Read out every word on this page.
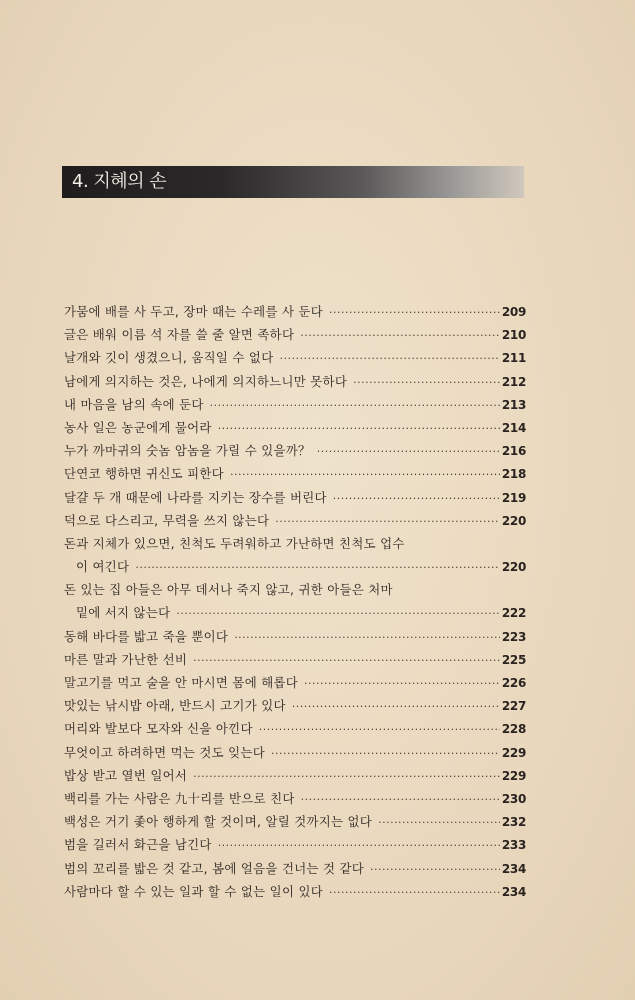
4. 지혜의 손
가뭄에 배를 사 두고, 장마 때는 수레를 사 둔다 ·····	209
글은 배워 이름 석 자를 쓸 줄 알면 족하다 ·····	210
날개와 깃이 생겼으니, 움직일 수 없다 ·····	211
남에게 의지하는 것은, 나에게 의지하느니만 못하다 ·····	212
내 마음을 남의 속에 둔다 ·····	213
농사 일은 농군에게 물어라 ·····	214
누가 까마귀의 숫놈 암놈을 가릴 수 있을까？ ·····	216
단연코 행하면 귀신도 피한다 ·····	218
달걀 두 개 때문에 나라를 지키는 장수를 버린다 ·····	219
덕으로 다스리고, 무력을 쓰지 않는다 ·····	220
돈과 지체가 있으면, 친척도 두려워하고 가난하면 친척도 업수
이 여긴다 ·····	220
돈 있는 집 아들은 아무 데서나 죽지 않고, 귀한 아들은 처마
밑에 서지 않는다 ·····	222
동해 바다를 밟고 죽을 뿐이다 ·····	223
마른 말과 가난한 선비 ·····	225
말고기를 먹고 술을 안 마시면 몸에 해롭다 ·····	226
맛있는 낚시밥 아래, 반드시 고기가 있다 ·····	227
머리와 발보다 모자와 신을 아낀다 ·····	228
무엇이고 하려하면 먹는 것도 잊는다 ·····	229
밥상 받고 열번 일어서 ·····	229
백리를 가는 사람은 九十리를 반으로 친다 ·····	230
백성은 거기 좇아 행하게 할 것이며, 알릴 것까지는 없다 ·····	232
범을 길러서 화근을 남긴다 ·····	233
범의 꼬리를 밟은 것 같고, 봄에 얼음을 건너는 것 같다 ·····	234
사람마다 할 수 있는 일과 할 수 없는 일이 있다 ·····	234
